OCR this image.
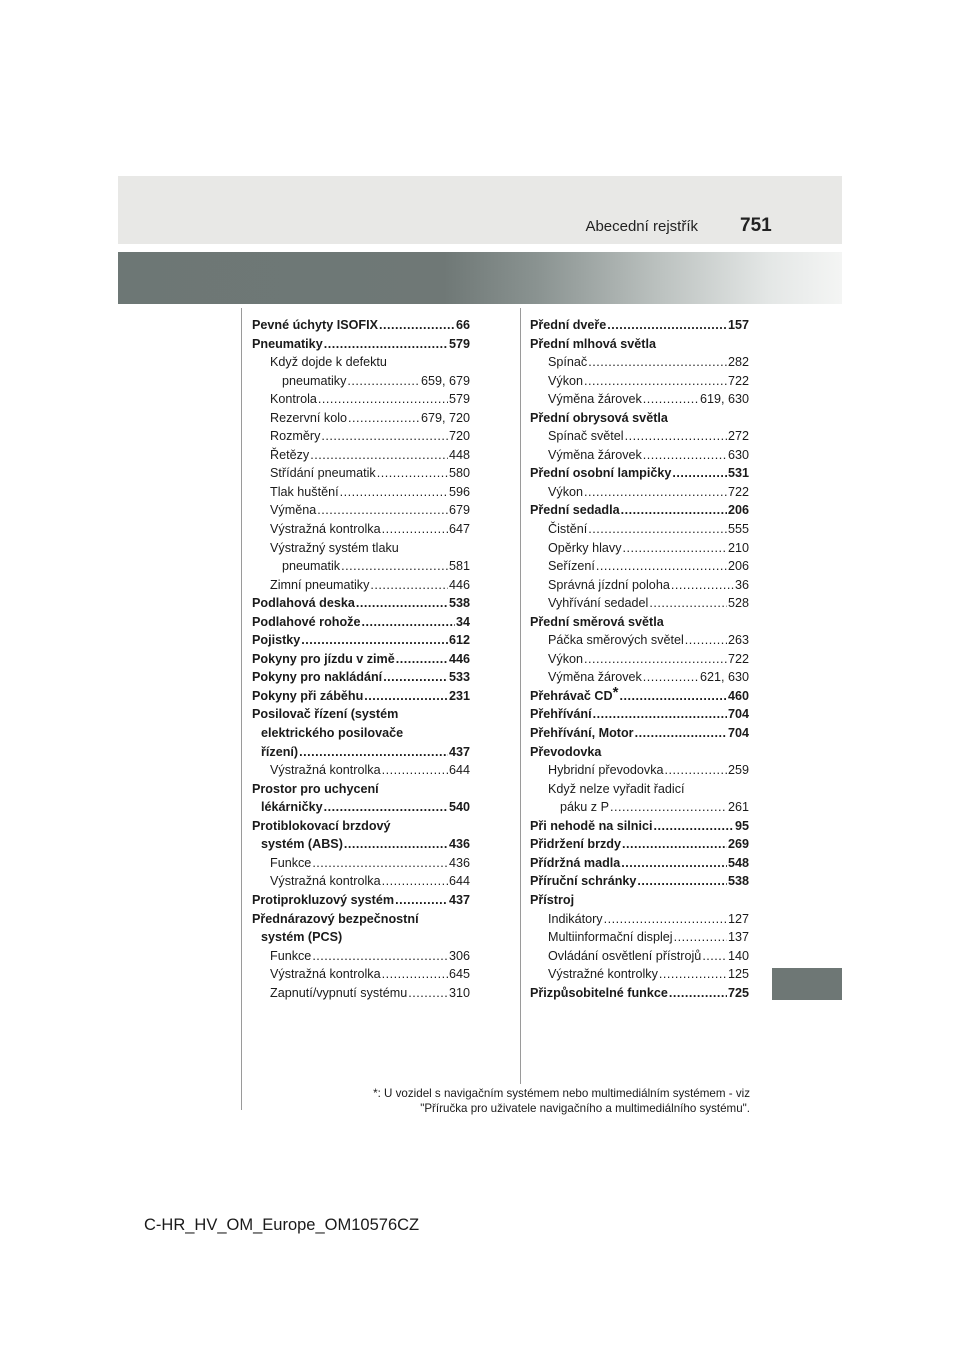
Abecední rejstřík 751
Pevné úchyty ISOFIX .....	66
Pneumatiky .....	579
Když dojde k defektu
pneumatiky .....	659, 679
Kontrola .....	579
Rezervní kolo .....	679, 720
Rozměry .....	720
Řetězy .....	448
Střídání pneumatik .....	580
Tlak huštění .....	596
Výměna .....	679
Výstražná kontrolka .....	647
Výstražný systém tlaku
pneumatik .....	581
Zimní pneumatiky .....	446
Podlahová deska .....	538
Podlahové rohože .....	34
Pojistky .....	612
Pokyny pro jízdu v zimě .....	446
Pokyny pro nakládání .....	533
Pokyny při záběhu .....	231
Posilovač řízení (systém
elektrického posilovače
řízení) .....	437
Výstražná kontrolka .....	644
Prostor pro uchycení
lékárničky .....	540
Protiblokovací brzdový
systém (ABS) .....	436
Funkce .....	436
Výstražná kontrolka .....	644
Protiprokluzový systém .....	437
Přednárazový bezpečnostní
systém (PCS)
Funkce .....	306
Výstražná kontrolka .....	645
Zapnutí/vypnutí systému .....	310
Přední dveře .....	157
Přední mlhová světla
Spínač .....	282
Výkon .....	722
Výměna žárovek .....	619, 630
Přední obrysová světla
Spínač světel .....	272
Výměna žárovek .....	630
Přední osobní lampičky .....	531
Výkon .....	722
Přední sedadla .....	206
Čistění .....	555
Opěrky hlavy .....	210
Seřízení .....	206
Správná jízdní poloha .....	36
Vyhřívání sedadel .....	528
Přední směrová světla
Páčka směrových světel .....	263
Výkon .....	722
Výměna žárovek .....	621, 630
Přehrávač CD* .....	460
Přehřívání .....	704
Přehřívání, Motor .....	704
Převodovka
Hybridní převodovka .....	259
Když nelze vyřadit řadicí
páku z P .....	261
Při nehodě na silnici .....	95
Přidržení brzdy .....	269
Přídržná madla .....	548
Příruční schránky .....	538
Přístroj
Indikátory .....	127
Multiinformační displej .....	137
Ovládání osvětlení přístrojů ..... 140
Výstražné kontrolky .....	125
Přizpůsobitelné funkce .....	725
*: U vozidel s navigačním systémem nebo multimediálním systémem - viz
"Příručka pro uživatele navigačního a multimediálního systému".
C-HR_HV_OM_Europe_OM10576CZ
